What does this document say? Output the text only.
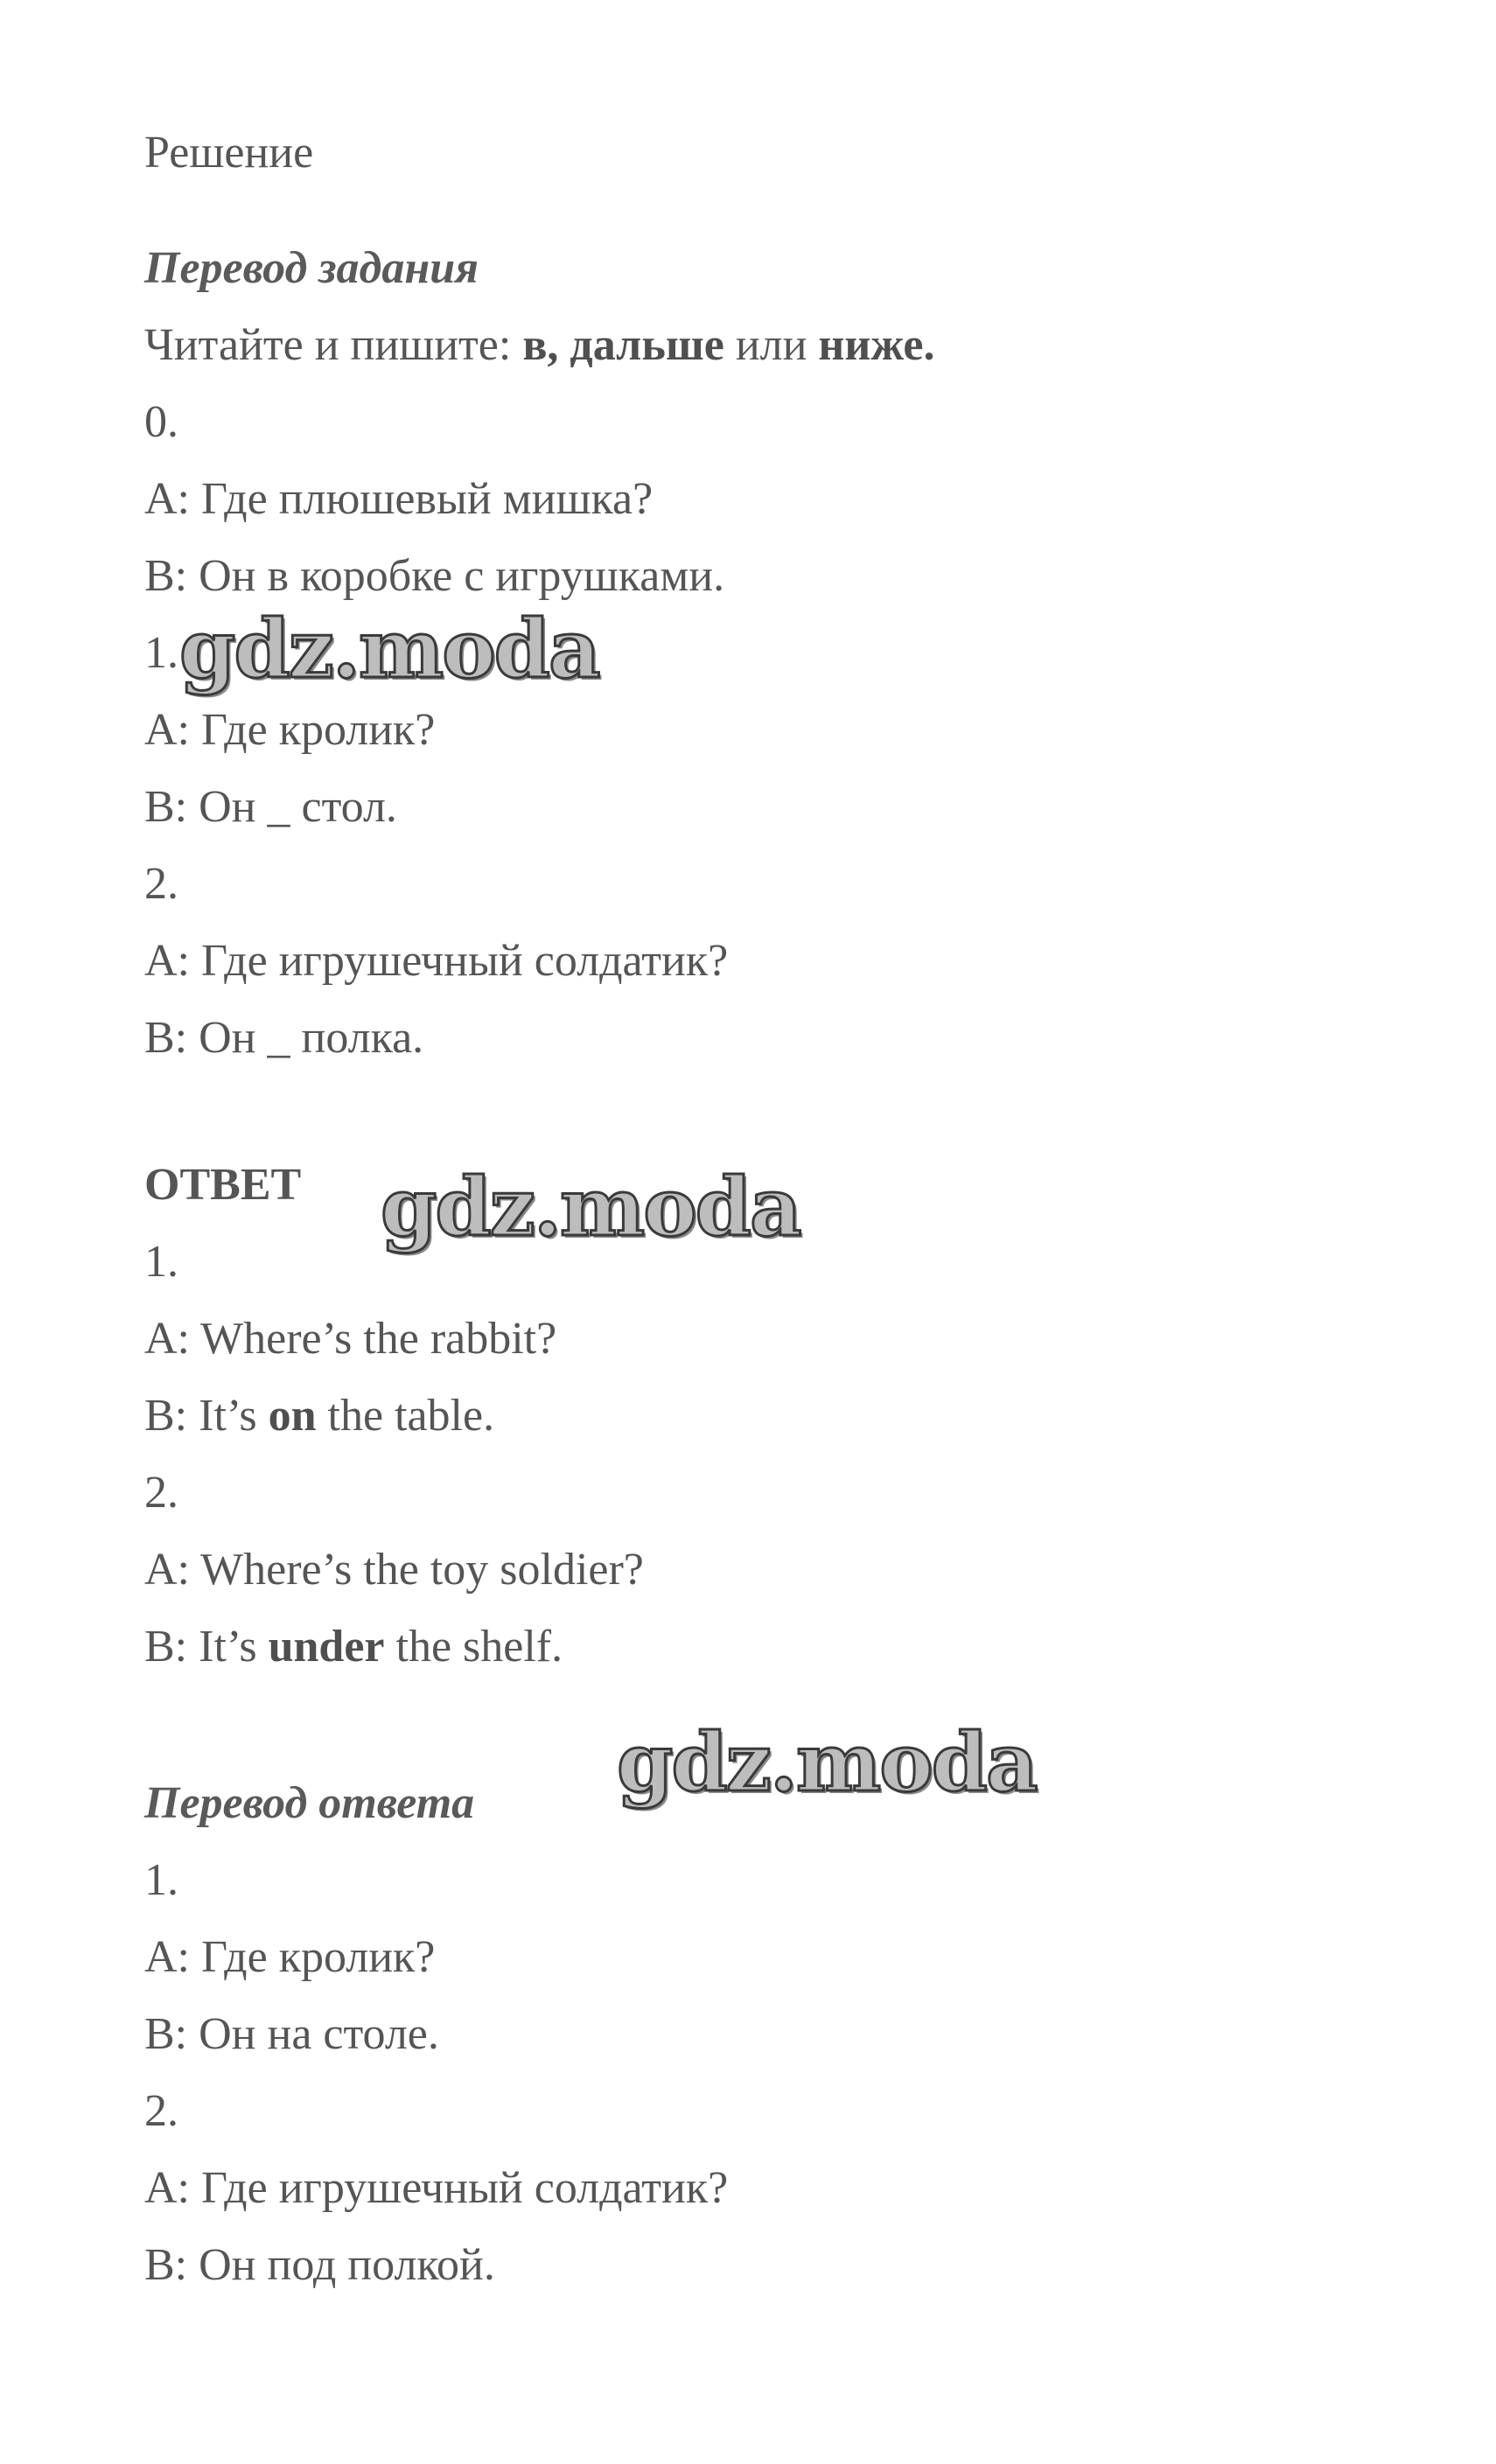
Решение
Перевод задания
Читайте и пишите: в, дальше или ниже.
0.
А: Где плюшевый мишка?
В: Он в коробке с игрушками.
1.
А: Где кролик?
В: Он _ стол.
2.
А: Где игрушечный солдатик?
В: Он _ полка.
ОТВЕТ
1.
A: Where’s the rabbit?
B: It’s on the table.
2.
A: Where’s the toy soldier?
B: It’s under the shelf.
Перевод ответа
1.
А: Где кролик?
В: Он на столе.
2.
А: Где игрушечный солдатик?
В: Он под полкой.
gdz.moda
gdz.moda
gdz.moda
